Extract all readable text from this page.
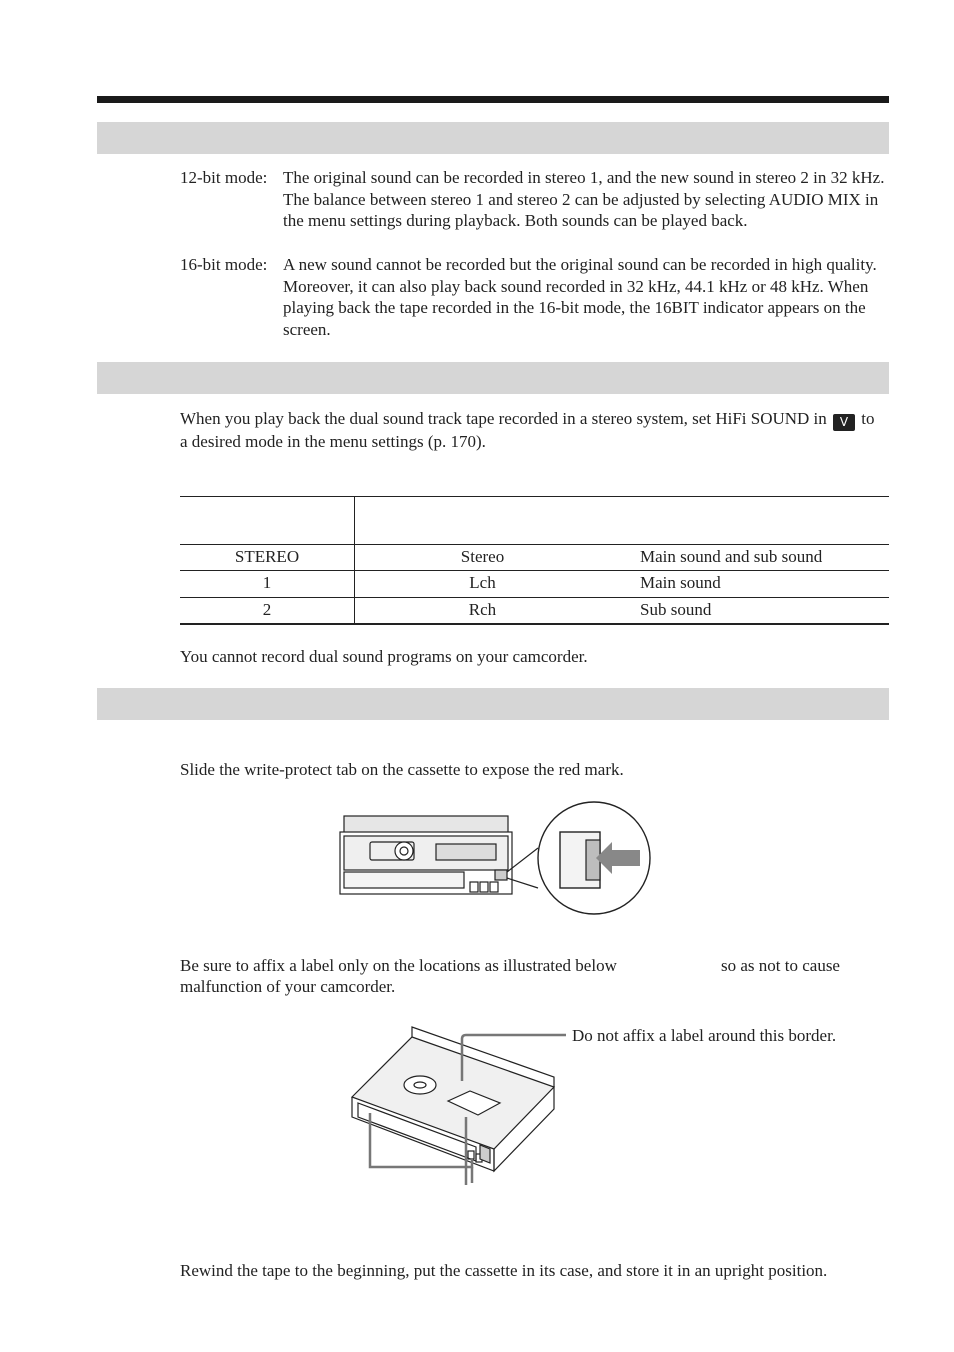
12-bit mode: The original sound can be recorded in stereo 1, and the new sound in stereo 2 in 32 kHz. The balance between stereo 1 and stereo 2 can be adjusted by selecting AUDIO MIX in the menu settings during playback. Both sounds can be played back.
16-bit mode: A new sound cannot be recorded but the original sound can be recorded in high quality. Moreover, it can also play back sound recorded in 32 kHz, 44.1 kHz or 48 kHz. When playing back the tape recorded in the 16-bit mode, the 16BIT indicator appears on the screen.
When you play back the dual sound track tape recorded in a stereo system, set HiFi SOUND in V to a desired mode in the menu settings (p. 170).
STEREO	Stereo	Main sound and sub sound
1	Lch	Main sound
2	Rch	Sub sound
You cannot record dual sound programs on your camcorder.
Slide the write-protect tab on the cassette to expose the red mark.
Be sure to affix a label only on the locations as illustrated below	so as not to cause
malfunction of your camcorder.
Do not affix a label around this border.
Rewind the tape to the beginning, put the cassette in its case, and store it in an upright position.
